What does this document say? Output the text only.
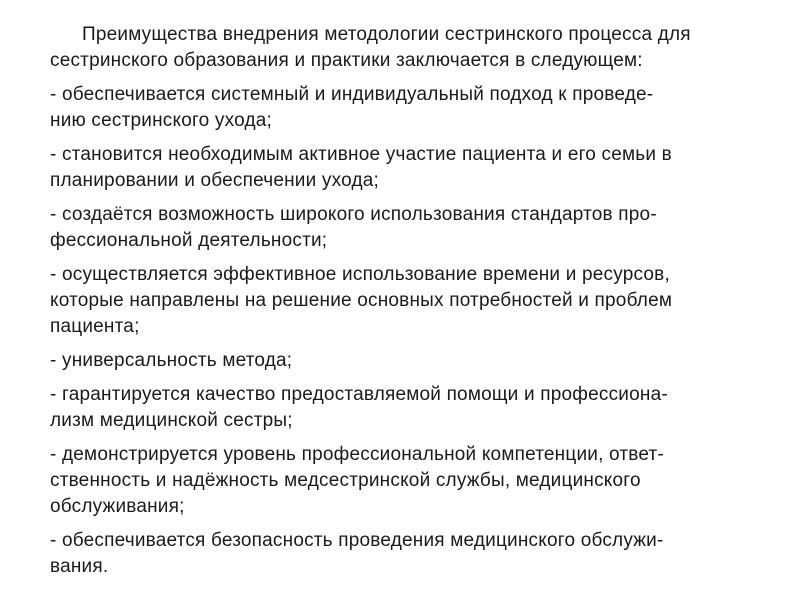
Преимущества внедрения методологии сестринского процесса для
сестринского образования и практики заключается в следующем:

- обеспечивается системный и индивидуальный подход к проведе-
нию сестринского ухода;

- становится необходимым активное участие пациента и его семьи в
планировании и обеспечении ухода;

- создаётся возможность широкого использования стандартов про-
фессиональной деятельности;

- осуществляется эффективное использование времени и ресурсов,
которые направлены на решение основных потребностей и проблем
пациента;

- универсальность метода;

- гарантируется качество предоставляемой помощи и профессиона-
лизм медицинской сестры;

- демонстрируется уровень профессиональной компетенции, ответ-
ственность и надёжность медсестринской службы, медицинского
обслуживания;

- обеспечивается безопасность проведения медицинского обслужи-
вания.
